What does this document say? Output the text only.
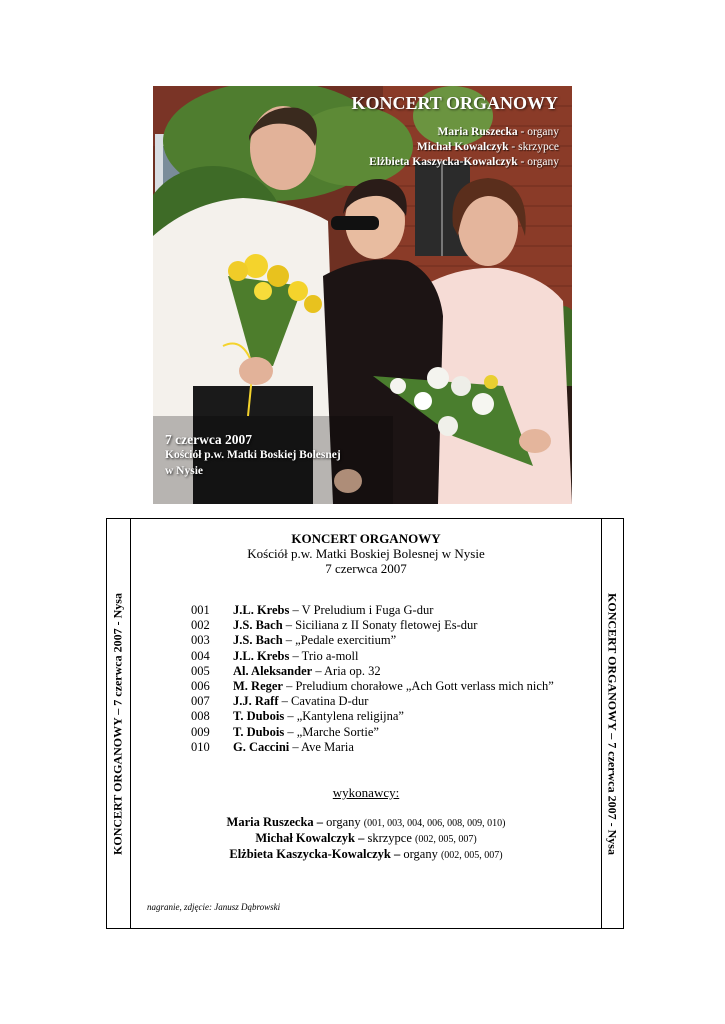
KONCERT ORGANOWY
Maria Ruszecka - organy
Michał Kowalczyk - skrzypce
Elżbieta Kaszycka-Kowalczyk - organy
7 czerwca 2007
Kościół p.w. Matki Boskiej Bolesnej
w Nysie
KONCERT ORGANOWY – 7 czerwca 2007 - Nysa	KONCERT ORGANOWY – 7 czerwca 2007 - Nysa
KONCERT ORGANOWY
Kościół p.w. Matki Boskiej Bolesnej w Nysie
7 czerwca 2007
001 J.L. Krebs – V Preludium i Fuga G-dur
002 J.S. Bach – Siciliana z II Sonaty fletowej Es-dur
003 J.S. Bach – „Pedale exercitium”
004 J.L. Krebs – Trio a-moll
005 Al. Aleksander – Aria op. 32
006 M. Reger – Preludium chorałowe „Ach Gott verlass mich nich”
007 J.J. Raff – Cavatina D-dur
008 T. Dubois – „Kantylena religijna”
009 T. Dubois – „Marche Sortie”
010 G. Caccini – Ave Maria
wykonawcy:
Maria Ruszecka – organy (001, 003, 004, 006, 008, 009, 010)
Michał Kowalczyk – skrzypce (002, 005, 007)
Elżbieta Kaszycka-Kowalczyk – organy (002, 005, 007)
nagranie, zdjęcie: Janusz Dąbrowski
